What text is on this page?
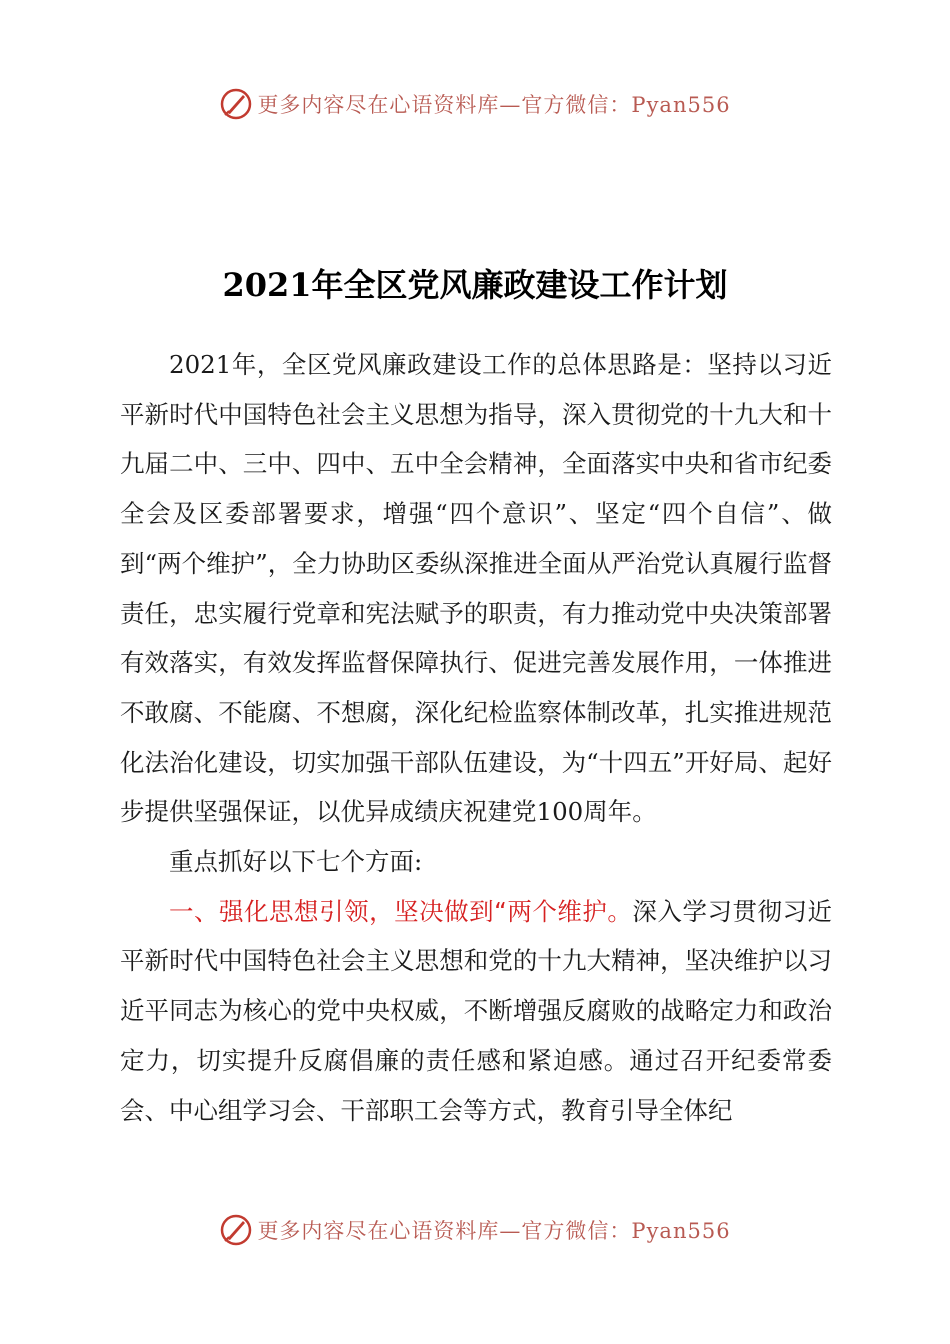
更多内容尽在心语资料库—官方微信：Pyan556
2021年全区党风廉政建设工作计划

2021年，全区党风廉政建设工作的总体思路是：坚持以习近平新时代中国特色社会主义思想为指导，深入贯彻党的十九大和十九届二中、三中、四中、五中全会精神，全面落实中央和省市纪委全会及区委部署要求，增强“四个意识”、坚定“四个自信”、做到“两个维护”，全力协助区委纵深推进全面从严治党认真履行监督责任，忠实履行党章和宪法赋予的职责，有力推动党中央决策部署有效落实，有效发挥监督保障执行、促进完善发展作用，一体推进不敢腐、不能腐、不想腐，深化纪检监察体制改革，扎实推进规范化法治化建设，切实加强干部队伍建设，为“十四五”开好局、起好步提供坚强保证，以优异成绩庆祝建党100周年。

重点抓好以下七个方面:

一、强化思想引领，坚决做到“两个维护。深入学习贯彻习近平新时代中国特色社会主义思想和党的十九大精神，坚决维护以习近平同志为核心的党中央权威，不断增强反腐败的战略定力和政治定力，切实提升反腐倡廉的责任感和紧迫感。通过召开纪委常委会、中心组学习会、干部职工会等方式，教育引导全体纪

更多内容尽在心语资料库—官方微信：Pyan556
